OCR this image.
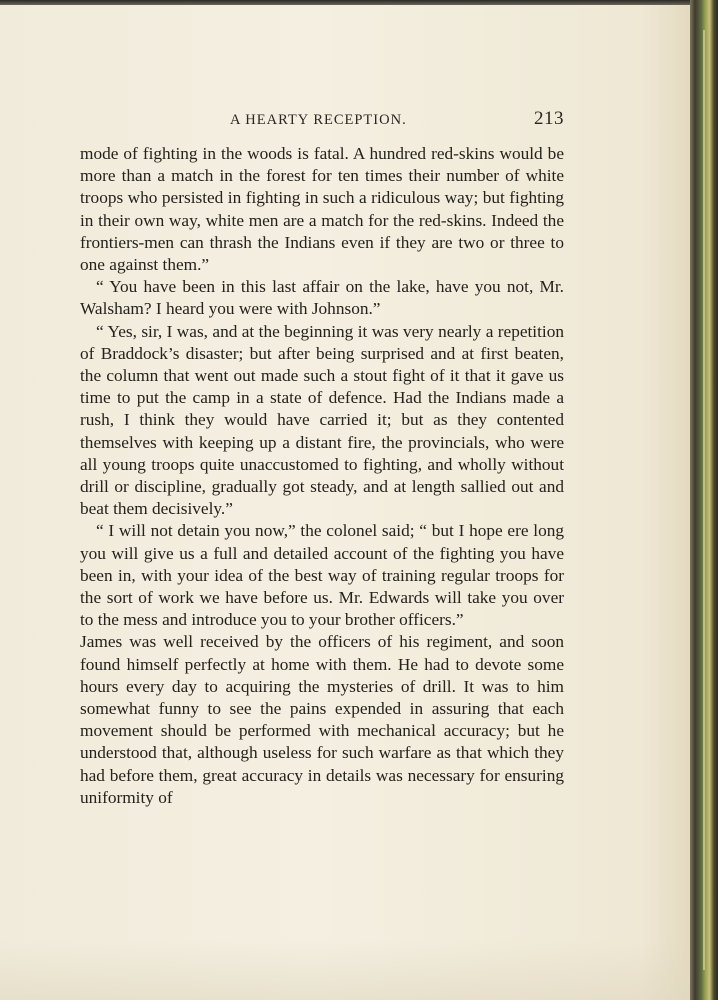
A HEARTY RECEPTION.	213

mode of fighting in the woods is fatal. A hundred red-skins would be more than a match in the forest for ten times their number of white troops who persisted in fighting in such a ridiculous way; but fighting in their own way, white men are a match for the red-skins. Indeed the frontiers-men can thrash the Indians even if they are two or three to one against them.”

“ You have been in this last affair on the lake, have you not, Mr. Walsham? I heard you were with Johnson.”

“ Yes, sir, I was, and at the beginning it was very nearly a repetition of Braddock’s disaster; but after being surprised and at first beaten, the column that went out made such a stout fight of it that it gave us time to put the camp in a state of defence. Had the Indians made a rush, I think they would have carried it; but as they contented themselves with keeping up a distant fire, the provincials, who were all young troops quite unaccustomed to fighting, and wholly without drill or discipline, gradually got steady, and at length sallied out and beat them decisively.”

“ I will not detain you now,” the colonel said; “ but I hope ere long you will give us a full and detailed account of the fighting you have been in, with your idea of the best way of training regular troops for the sort of work we have before us. Mr. Edwards will take you over to the mess and introduce you to your brother officers.”

James was well received by the officers of his regiment, and soon found himself perfectly at home with them. He had to devote some hours every day to acquiring the mysteries of drill. It was to him somewhat funny to see the pains expended in assuring that each movement should be performed with mechanical accuracy; but he understood that, although useless for such warfare as that which they had before them, great accuracy in details was necessary for ensuring uniformity of
